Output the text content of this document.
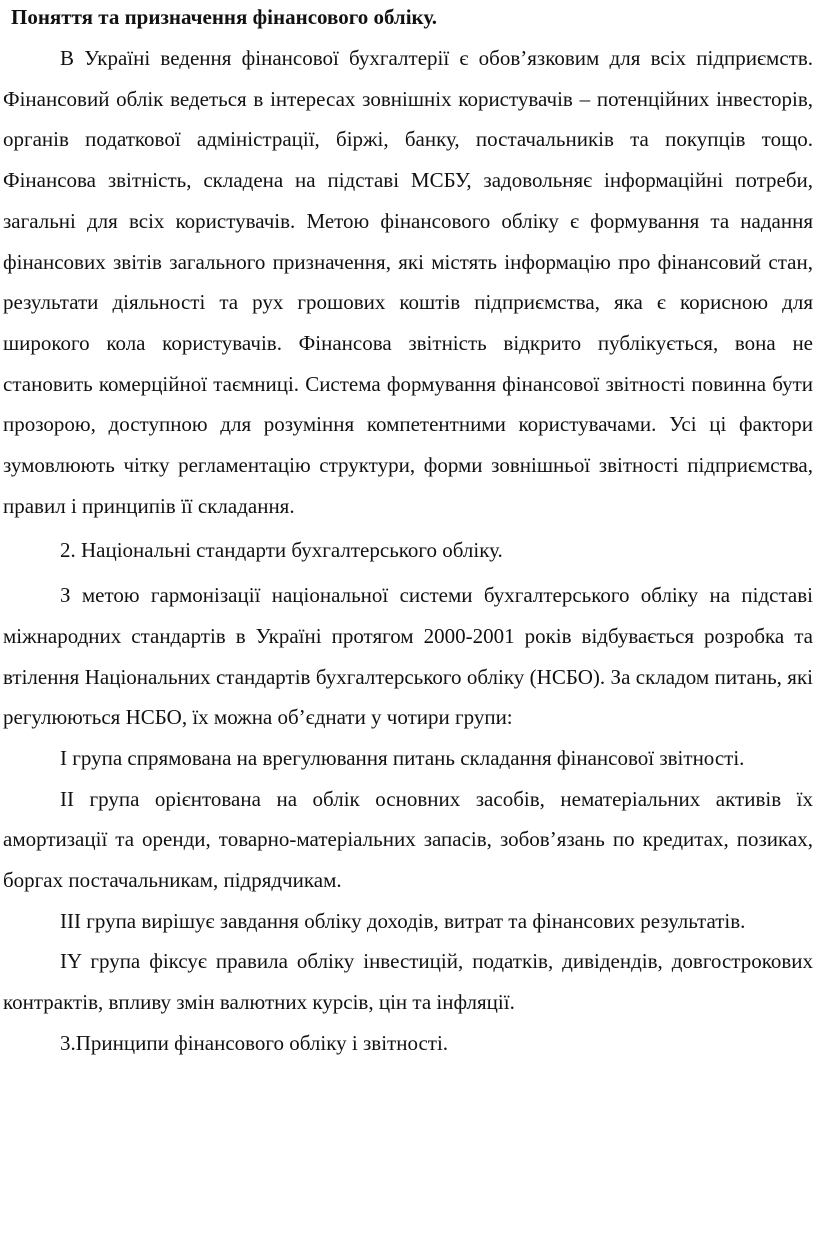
Поняття та призначення фінансового обліку.

В Україні ведення фінансової бухгалтерії є обов’язковим для всіх підприємств. Фінансовий облік ведеться в інтересах зовнішніх користувачів – потенційних інвесторів, органів податкової адміністрації, біржі, банку, постачальників та покупців тощо. Фінансова звітність, складена на підставі МСБУ, задовольняє інформаційні потреби, загальні для всіх користувачів. Метою фінансового обліку є формування та надання фінансових звітів загального призначення, які містять інформацію про фінансовий стан, результати діяльності та рух грошових коштів підприємства, яка є корисною для широкого кола користувачів. Фінансова звітність відкрито публікується, вона не становить комерційної таємниці. Система формування фінансової звітності повинна бути прозорою, доступною для розуміння компетентними користувачами. Усі ці фактори зумовлюють чітку регламентацію структури, форми зовнішньої звітності підприємства, правил і принципів її складання.

2. Національні стандарти бухгалтерського обліку.

З метою гармонізації національної системи бухгалтерського обліку на підставі міжнародних стандартів в Україні протягом 2000-2001 років відбувається розробка та втілення Національних стандартів бухгалтерського обліку (НСБО). За складом питань, які регулюються НСБО, їх можна об’єднати у чотири групи:

І група спрямована на врегулювання питань складання фінансової звітності.

ІІ група орієнтована на облік основних засобів, нематеріальних активів їх амортизації та оренди, товарно-матеріальних запасів, зобов’язань по кредитах, позиках, боргах постачальникам, підрядчикам.

ІІІ група вирішує завдання обліку доходів, витрат та фінансових результатів.

ІY група фіксує правила обліку інвестицій, податків, дивідендів, довгострокових контрактів, впливу змін валютних курсів, цін та інфляції.

3.Принципи фінансового обліку і звітності.
